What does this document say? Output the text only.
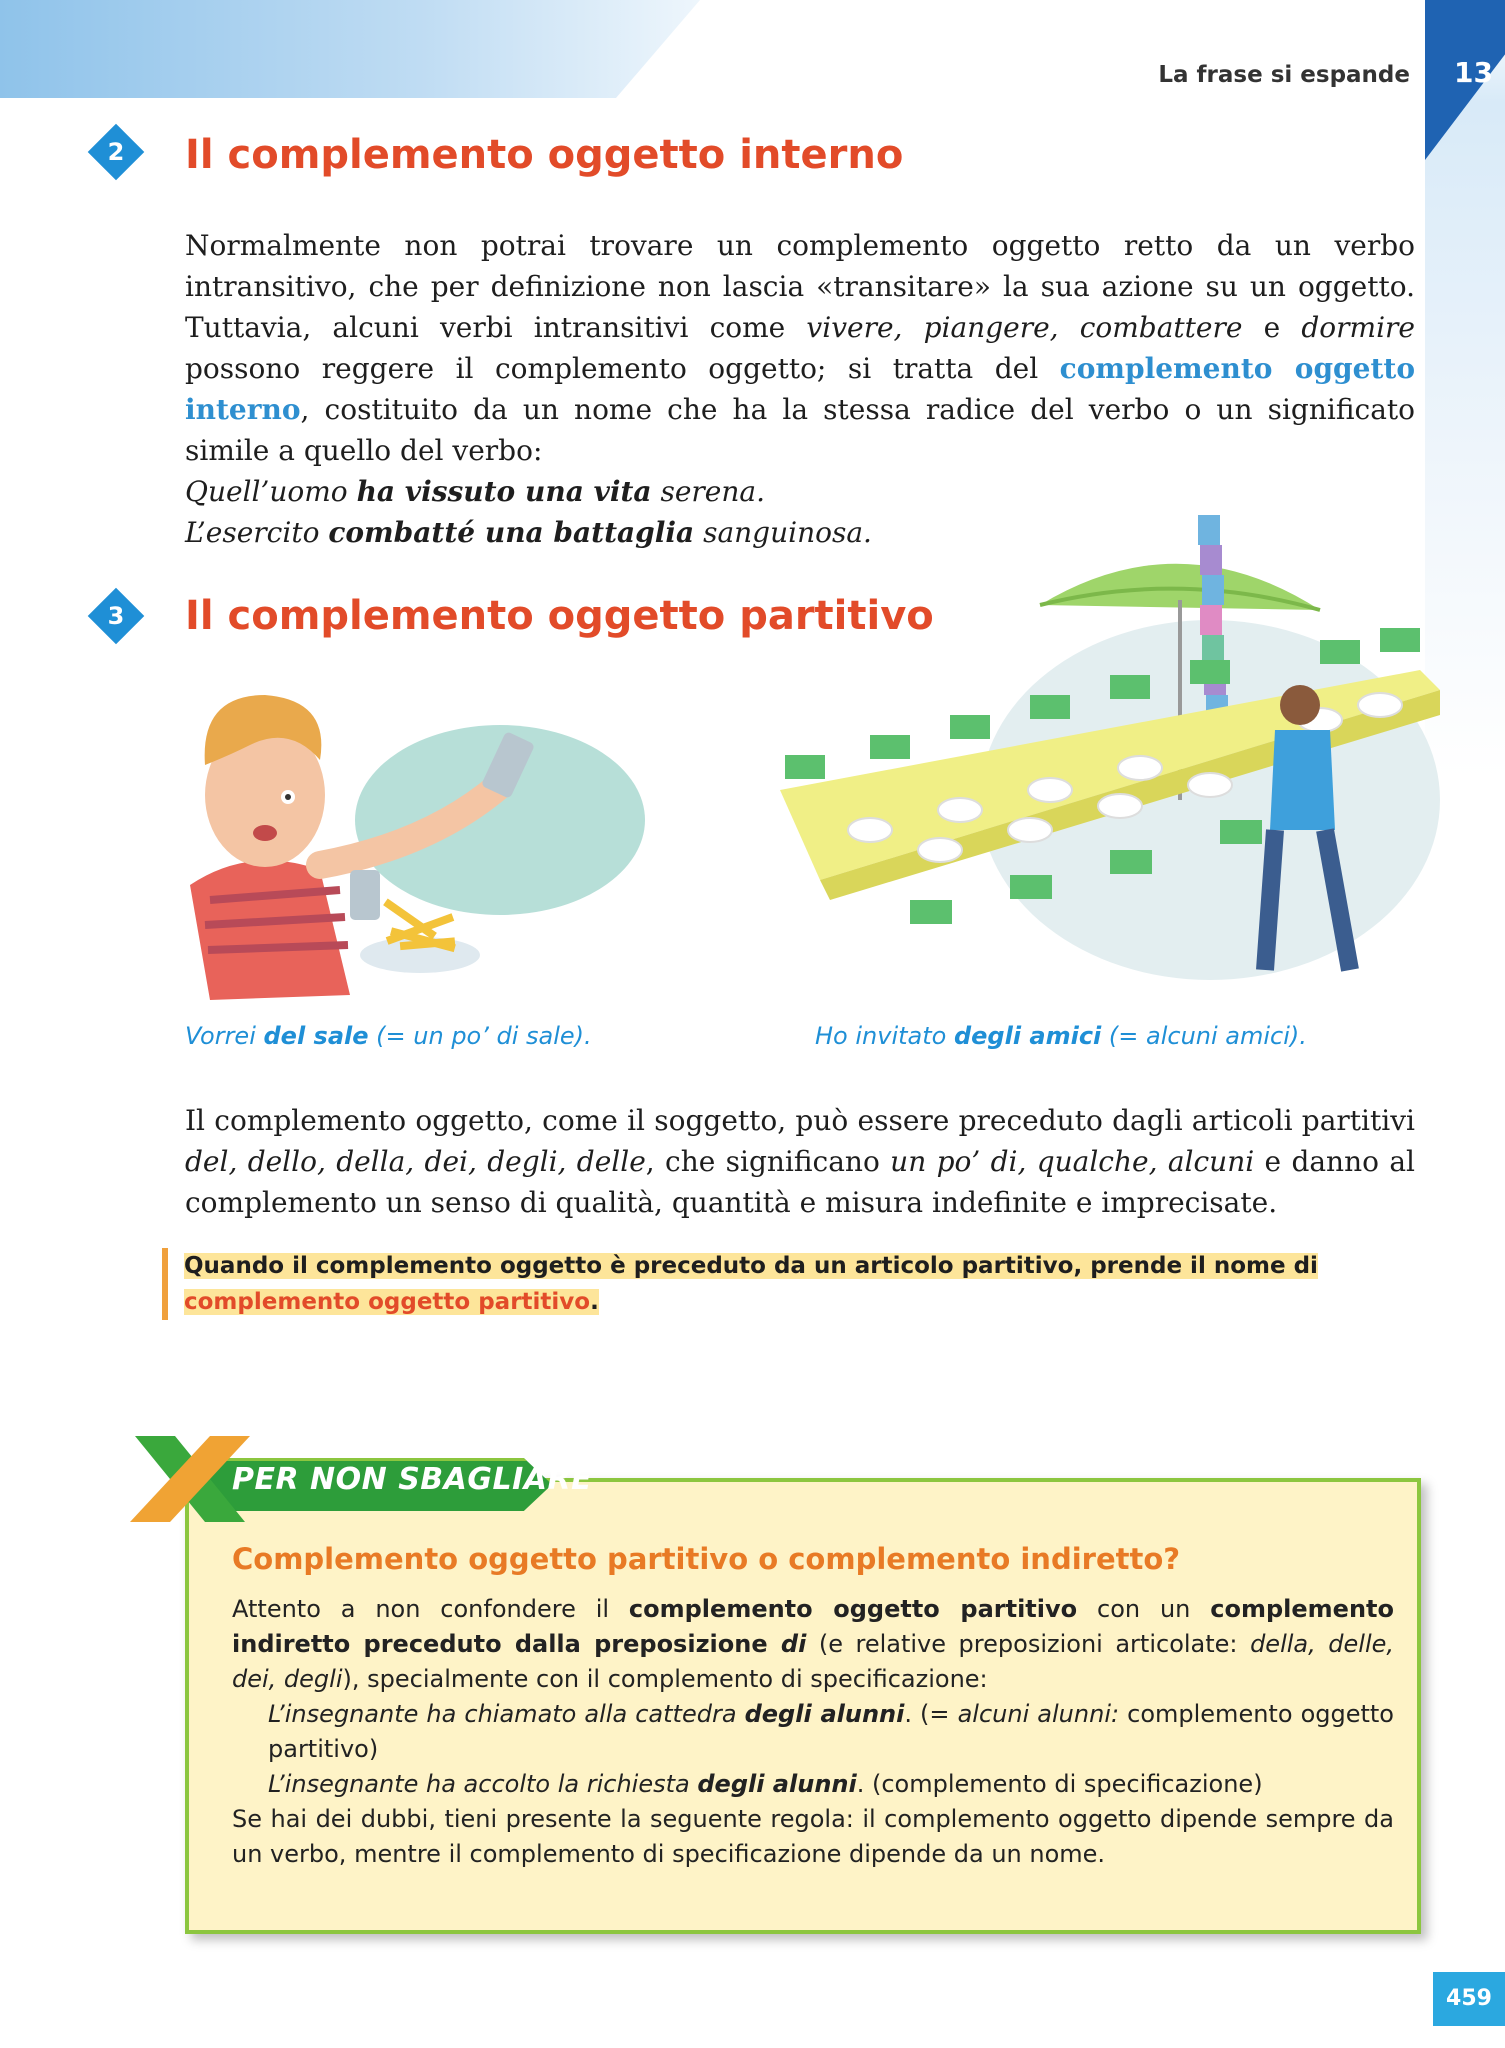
La frase si espande 13
2	Il complemento oggetto interno

Normalmente non potrai trovare un complemento oggetto retto da un verbo intransitivo, che per definizione non lascia «transitare» la sua azione su un oggetto. Tuttavia, alcuni verbi intransitivi come vivere, piangere, combattere e dormire possono reggere il complemento oggetto; si tratta del complemento oggetto interno, costituito da un nome che ha la stessa radice del verbo o un significato simile a quello del verbo:
Quell’uomo ha vissuto una vita serena.
L’esercito combatté una battaglia sanguinosa.

3	Il complemento oggetto partitivo
Vorrei del sale (= un po’ di sale).	Ho invitato degli amici (= alcuni amici).

Il complemento oggetto, come il soggetto, può essere preceduto dagli articoli partitivi del, dello, della, dei, degli, delle, che significano un po’ di, qualche, alcuni e danno al complemento un senso di qualità, quantità e misura indefinite e imprecisate.

Quando il complemento oggetto è preceduto da un articolo partitivo, prende il nome di complemento oggetto partitivo.
PER NON SBAGLIARE
Complemento oggetto partitivo o complemento indiretto?
Attento a non confondere il complemento oggetto partitivo con un complemento indiretto preceduto dalla preposizione di (e relative preposizioni articolate: della, delle, dei, degli), specialmente con il complemento di specificazione:
L’insegnante ha chiamato alla cattedra degli alunni. (= alcuni alunni: complemento oggetto partitivo)
L’insegnante ha accolto la richiesta degli alunni. (complemento di specificazione)
Se hai dei dubbi, tieni presente la seguente regola: il complemento oggetto dipende sempre da un verbo, mentre il complemento di specificazione dipende da un nome.
459
